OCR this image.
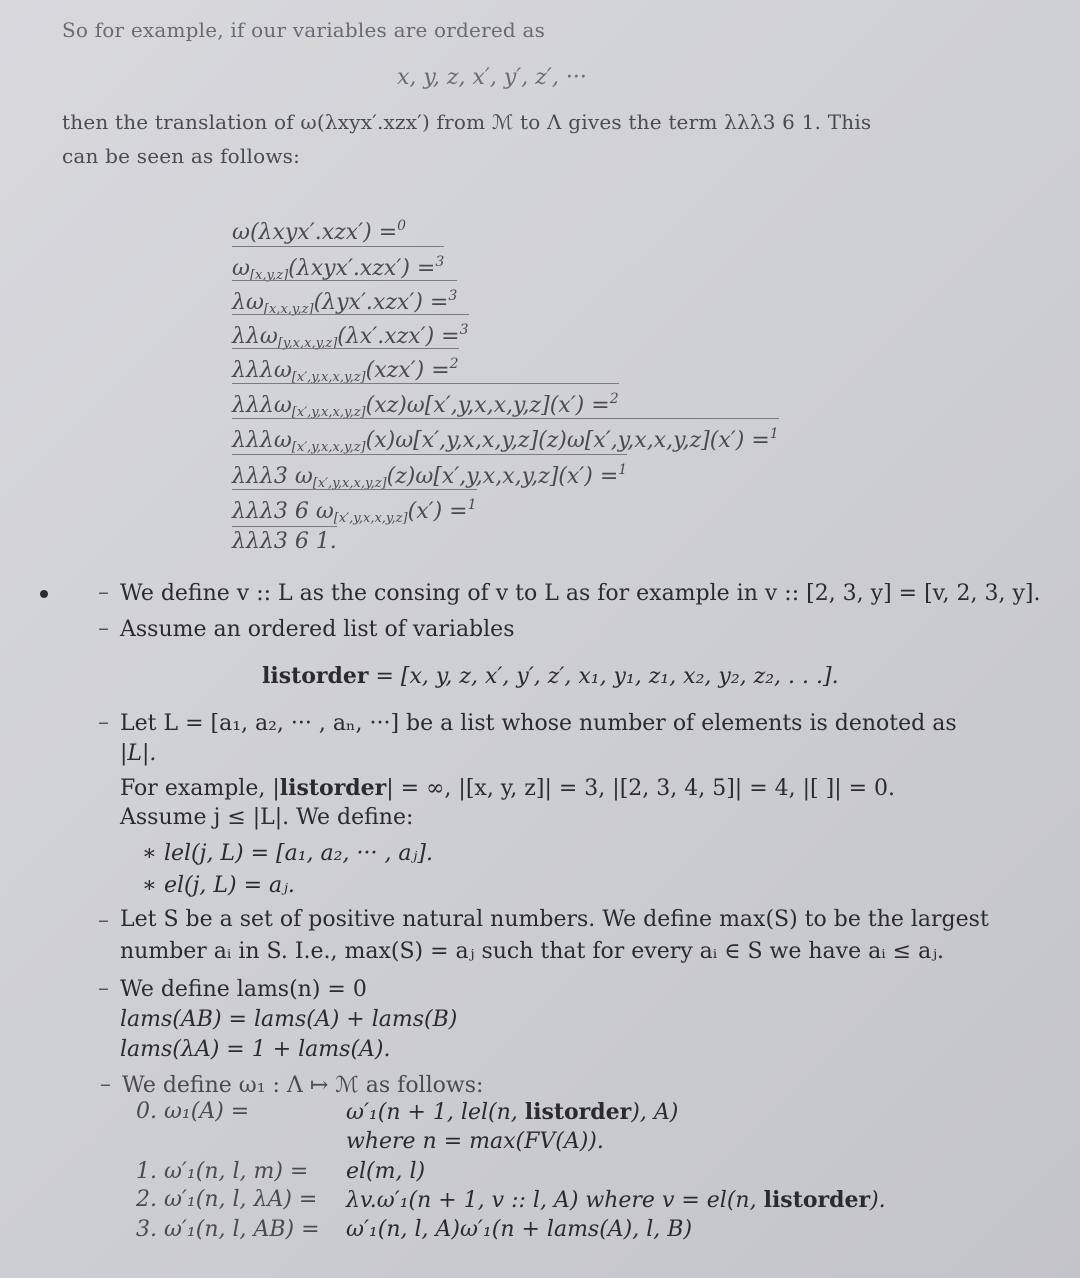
So for example, if our variables are ordered as
x, y, z, x′, y′, z′, ···
then the translation of ω(λxyx′.xzx′) from ℳ to Λ gives the term λλλ3 6 1. This
can be seen as follows:
ω(λxyx′.xzx′) =$^0$
$\omega_{[x,y,z]}(\lambda xyx'.xzx') =^3$
$\lambda\omega_{[x,x,y,z]}(\lambda yx'.xzx') =^3$
λλω$_{[y,x,x,y,z]}$(λx′.xzx′) =$^3$
λλλω$_{[x',y,x,x,y,z]}$(xzx′) =$^2$
λλλω$_{[x',y,x,x,y,z]}$(xz)ω[x′,y,x,x,y,z](x′) =$^2$
λλλω$_{[x',y,x,x,y,z]}$(x)ω[x′,y,x,x,y,z](z)ω[x′,y,x,x,y,z](x′) =$^1$
λλλ3 $\omega_{[x',y,x,x,y,z]}(z)\omega[x',y,x,x,y,z](x') =^1$
λλλ3 6 $\omega_{[x',y,x,x,y,z]}(x') =^1$
λλλ3 6 1.
– We define v :: L as the consing of v to L as for example in v :: [2, 3, y] = [v, 2, 3, y].
– Assume an ordered list of variables
listorder = [x, y, z, x′, y′, z′, x₁, y₁, z₁, x₂, y₂, z₂, . . .].
– Let L = [a₁, a₂, ··· , aₙ, ···] be a list whose number of elements is denoted as
|L|.
For example, |listorder| = ∞, |[x, y, z]| = 3, |[2, 3, 4, 5]| = 4, |[ ]| = 0.
Assume j ≤ |L|. We define:
∗ lel(j, L) = [a₁, a₂, ··· , aⱼ].
∗ el(j, L) = aⱼ.
– Let S be a set of positive natural numbers. We define max(S) to be the largest
number aᵢ in S. I.e., max(S) = aⱼ such that for every aᵢ ∈ S we have aᵢ ≤ aⱼ.
– We define lams(n) = 0
lams(AB) = lams(A) + lams(B)
lams(λA) = 1 + lams(A).
– We define ω₁ : Λ ↦ ℳ as follows:
0. ω₁(A) =	ω′₁(n + 1, lel(n, listorder), A)
where n = max(FV(A)).
1. ω′₁(n, l, m) = el(m, l)
2. ω′₁(n, l, λA) = λv.ω′₁(n + 1, v :: l, A) where v = el(n, listorder).
3. ω′₁(n, l, AB) = ω′₁(n, l, A)ω′₁(n + lams(A), l, B)
